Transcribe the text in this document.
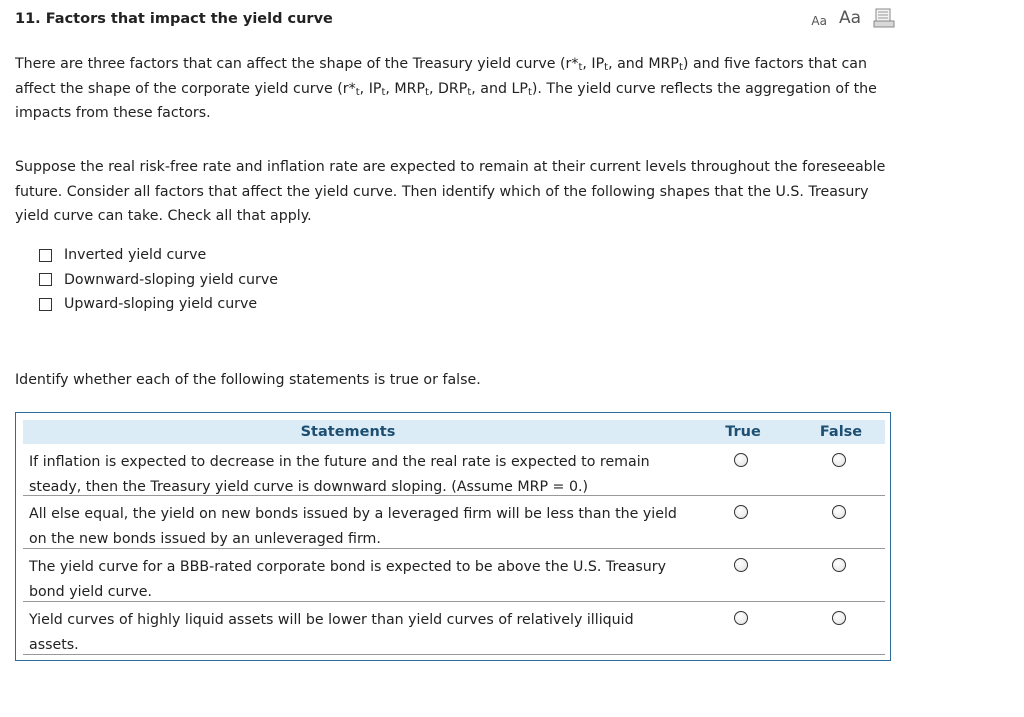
11. Factors that impact the yield curve	Aa Aa
There are three factors that can affect the shape of the Treasury yield curve ($r*_t$, $IP_t$, and $MRP_t$) and five factors that can affect the shape of the corporate yield curve ($r*_t$, $IP_t$, $MRP_t$, $DRP_t$, and $LP_t$). The yield curve reflects the aggregation of the impacts from these factors.
Suppose the real risk-free rate and inflation rate are expected to remain at their current levels throughout the foreseeable future. Consider all factors that affect the yield curve. Then identify which of the following shapes that the U.S. Treasury yield curve can take. Check all that apply.
Inverted yield curve
Downward-sloping yield curve
Upward-sloping yield curve
Identify whether each of the following statements is true or false.
Statements	True	False
If inflation is expected to decrease in the future and the real rate is expected to remain steady, then the Treasury yield curve is downward sloping. (Assume MRP = 0.)
All else equal, the yield on new bonds issued by a leveraged firm will be less than the yield on the new bonds issued by an unleveraged firm.
The yield curve for a BBB-rated corporate bond is expected to be above the U.S. Treasury bond yield curve.
Yield curves of highly liquid assets will be lower than yield curves of relatively illiquid assets.
